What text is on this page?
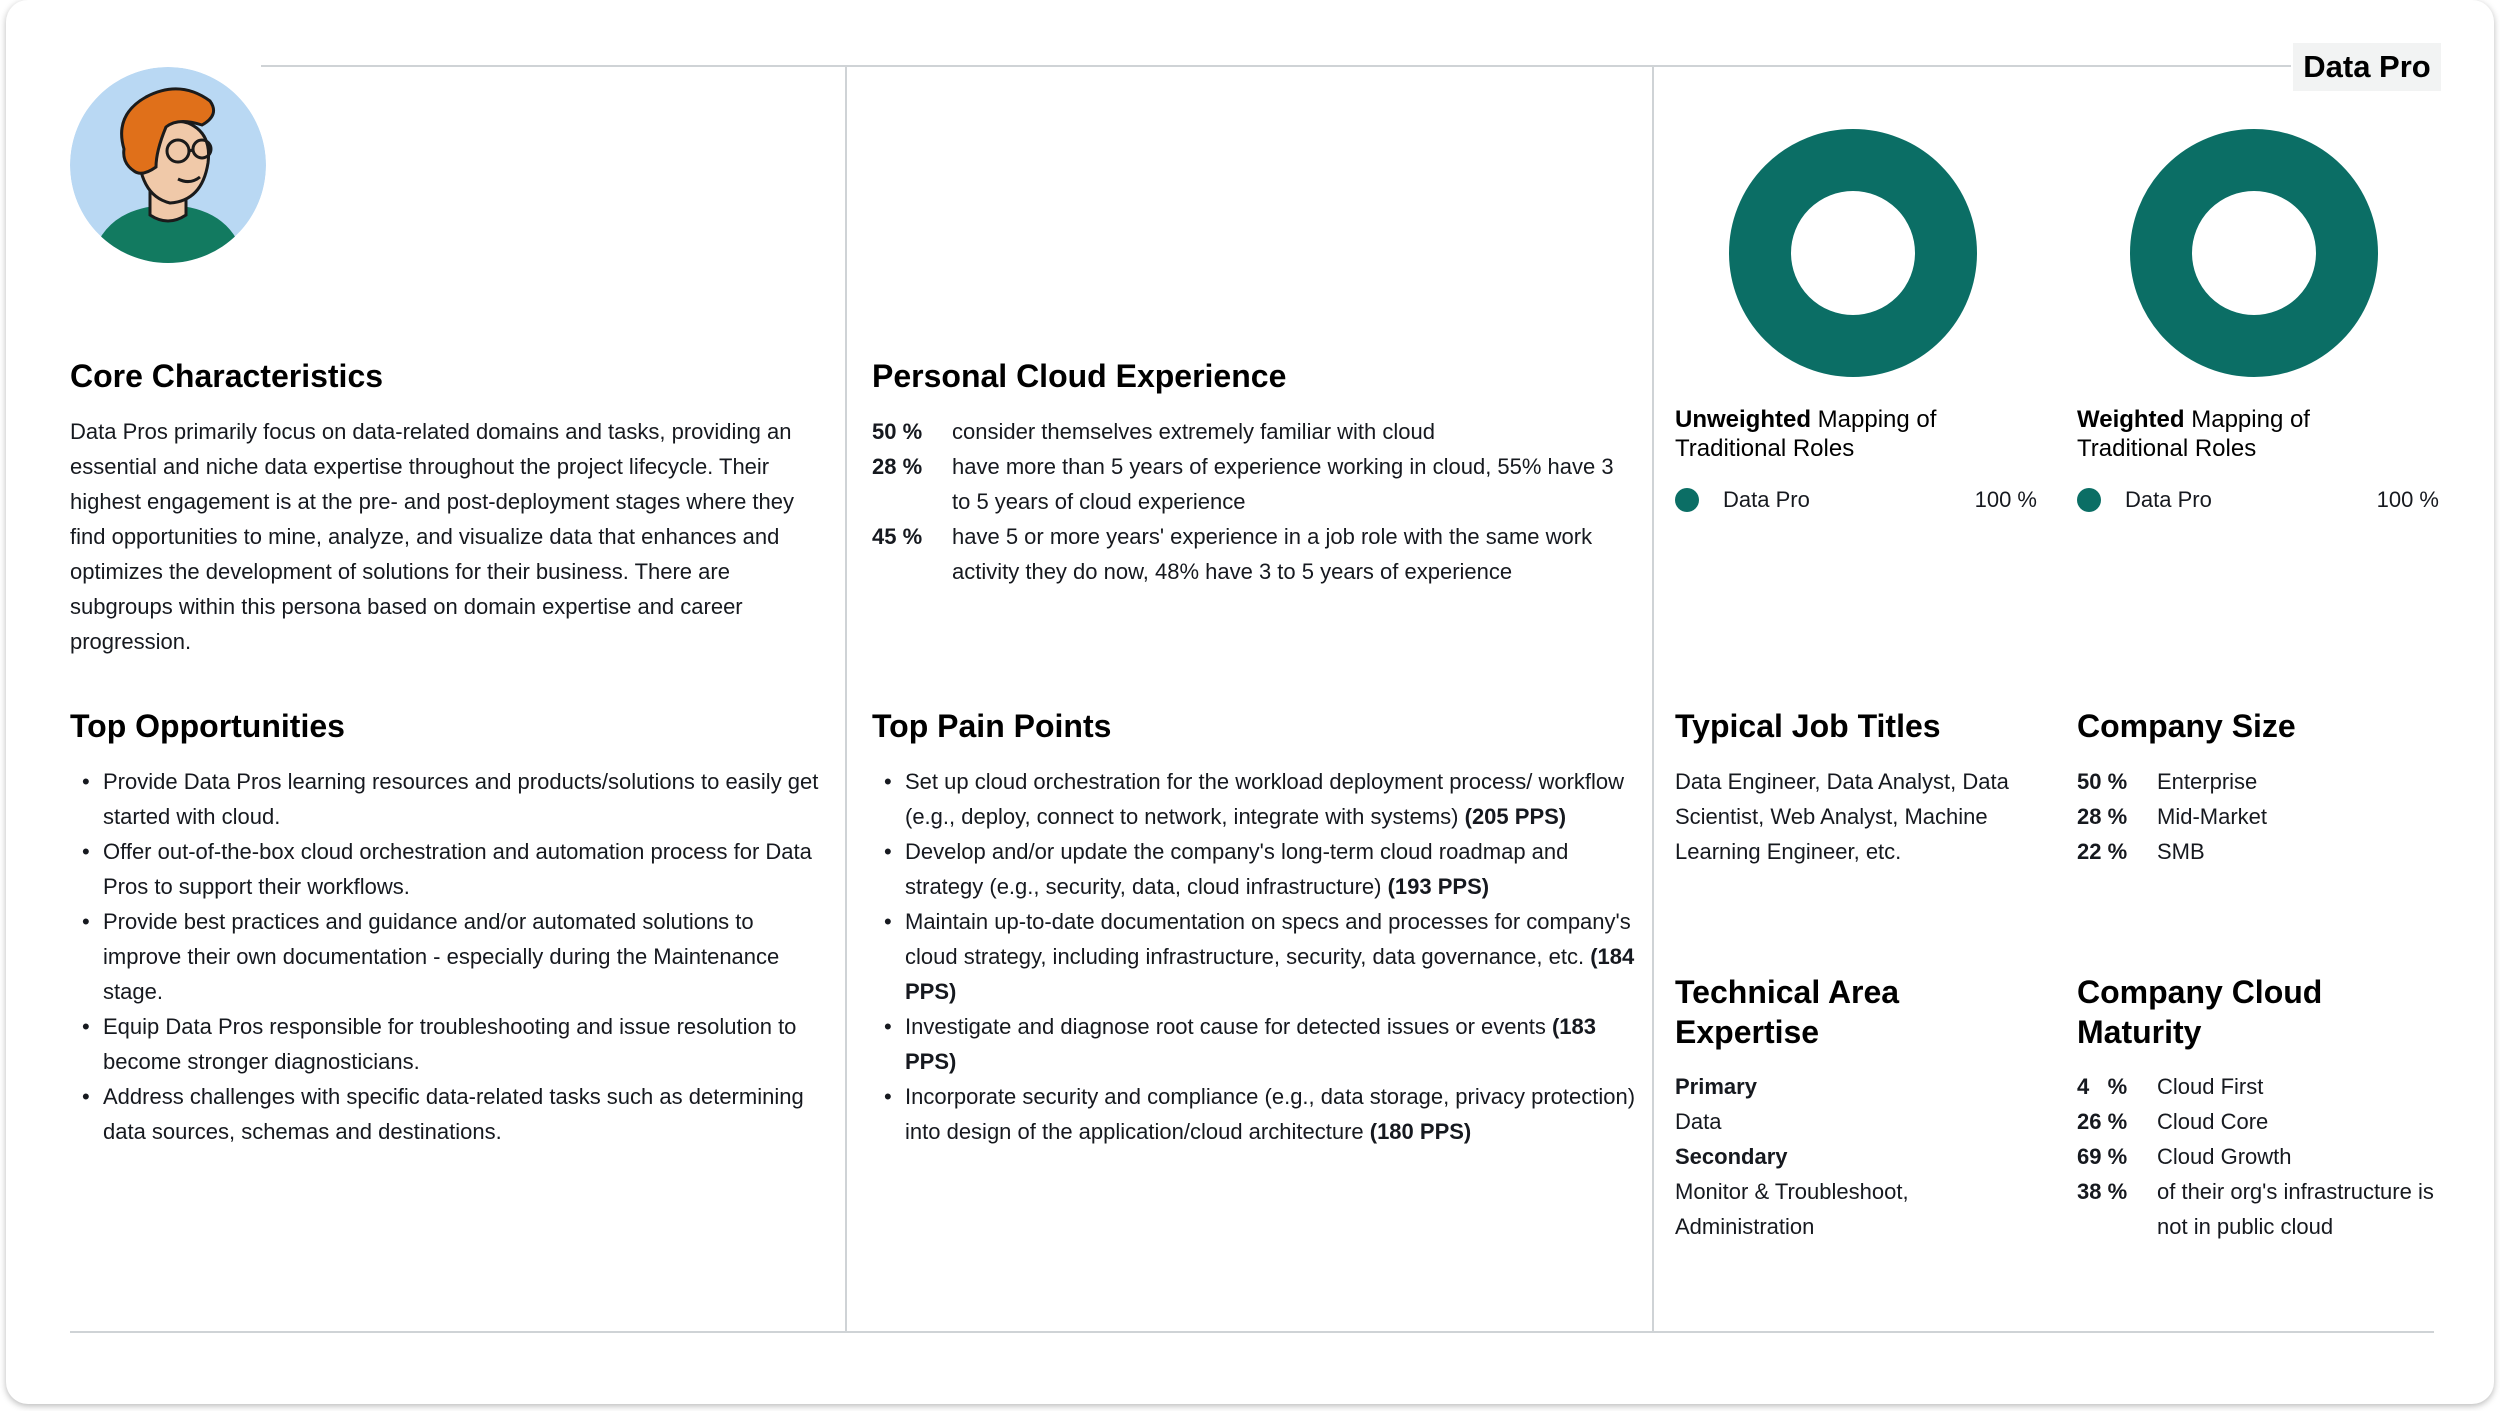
Data Pro
Core Characteristics
Data Pros primarily focus on data-related domains and tasks, providing an essential and niche data expertise throughout the project lifecycle. Their highest engagement is at the pre- and post-deployment stages where they find opportunities to mine, analyze, and visualize data that enhances and optimizes the development of solutions for their business. There are subgroups within this persona based on domain expertise and career progression.
Top Opportunities
• Provide Data Pros learning resources and products/solutions to easily get started with cloud.
• Offer out-of-the-box cloud orchestration and automation process for Data Pros to support their workflows.
• Provide best practices and guidance and/or automated solutions to improve their own documentation - especially during the Maintenance stage.
• Equip Data Pros responsible for troubleshooting and issue resolution to become stronger diagnosticians.
• Address challenges with specific data-related tasks such as determining data sources, schemas and destinations.
Personal Cloud Experience
50 %	consider themselves extremely familiar with cloud
28 %	have more than 5 years of experience working in cloud, 55% have 3 to 5 years of cloud experience
45 %	have 5 or more years' experience in a job role with the same work activity they do now, 48% have 3 to 5 years of experience
Top Pain Points
• Set up cloud orchestration for the workload deployment process/ workflow (e.g., deploy, connect to network, integrate with systems) (205 PPS)
• Develop and/or update the company's long-term cloud roadmap and strategy (e.g., security, data, cloud infrastructure) (193 PPS)
• Maintain up-to-date documentation on specs and processes for company's cloud strategy, including infrastructure, security, data governance, etc. (184 PPS)
• Investigate and diagnose root cause for detected issues or events (183 PPS)
• Incorporate security and compliance (e.g., data storage, privacy protection) into design of the application/cloud architecture (180 PPS)
Unweighted Mapping of Traditional Roles
Weighted Mapping of Traditional Roles
Data Pro	100 %	Data Pro	100 %
Typical Job Titles
Data Engineer, Data Analyst, Data Scientist, Web Analyst, Machine Learning Engineer, etc.
Company Size
50 %	Enterprise
28 %	Mid-Market
22 %	SMB
Technical Area
Expertise
Primary
Data
Secondary
Monitor & Troubleshoot, Administration
Company Cloud
Maturity
4   %	Cloud First
26 %	Cloud Core
69 %	Cloud Growth
38 %	of their org's infrastructure is not in public cloud
